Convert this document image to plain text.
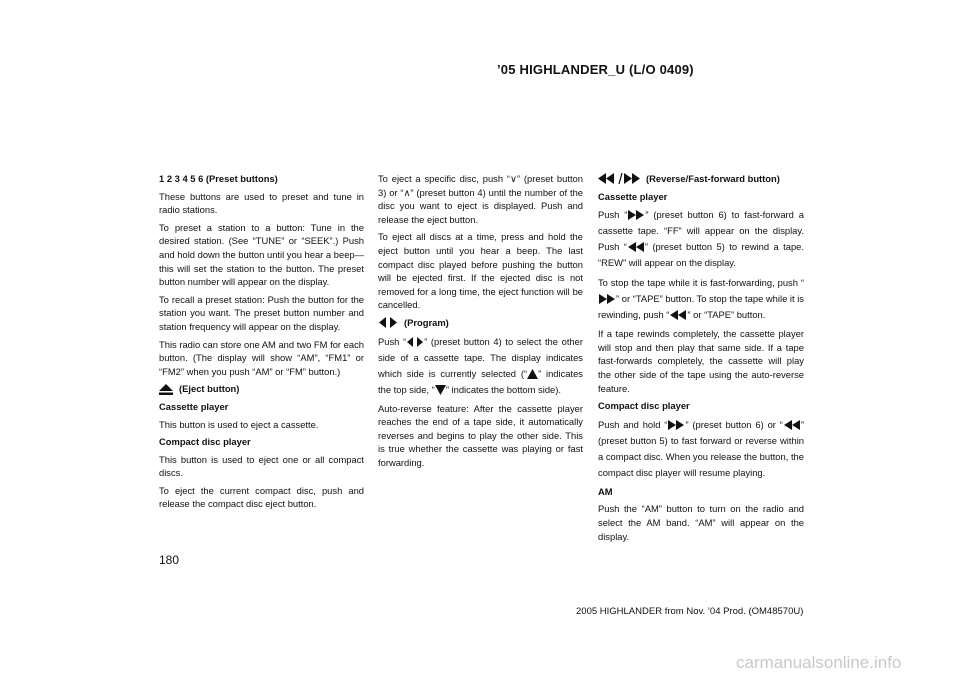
’05 HIGHLANDER_U (L/O 0409)

1 2 3 4 5 6 (Preset buttons)

These buttons are used to preset and tune in radio stations.

To preset a station to a button: Tune in the desired station. (See “TUNE” or “SEEK”.) Push and hold down the button until you hear a beep—this will set the station to the button. The preset button number will appear on the display.

To recall a preset station: Push the button for the station you want. The preset button number and station frequency will appear on the display.

This radio can store one AM and two FM for each button. (The display will show “AM”, “FM1” or “FM2” when you push “AM” or “FM” button.)

(Eject button)

Cassette player

This button is used to eject a cassette.

Compact disc player

This button is used to eject one or all compact discs.

To eject the current compact disc, push and release the compact disc eject button.

To eject a specific disc, push “∨” (preset button 3) or “∧” (preset button 4) until the number of the disc you want to eject is displayed. Push and release the eject button.

To eject all discs at a time, press and hold the eject button until you hear a beep. The last compact disc played before pushing the button will be ejected first. If the ejected disc is not removed for a long time, the eject function will be cancelled.

(Program)

Push “ ” (preset button 4) to select the other side of a cassette tape. The display indicates which side is currently selected (“ ” indicates the top side, “ ” indicates the bottom side).

Auto-reverse feature: After the cassette player reaches the end of a tape side, it automatically reverses and begins to play the other side. This is true whether the cassette was playing or fast forwarding.

(Reverse/Fast-forward button)

Cassette player

Push “ ” (preset button 6) to fast-forward a cassette tape. “FF” will appear on the display. Push “ ” (preset button 5) to rewind a tape. “REW” will appear on the display.

To stop the tape while it is fast-forwarding, push “” or “TAPE” button. To stop the tape while it is rewinding, push “ ” or “TAPE” button.

If a tape rewinds completely, the cassette player will stop and then play that same side. If a tape fast-forwards completely, the cassette will play the other side of the tape using the auto-reverse feature.

Compact disc player

Push and hold “ ” (preset button 6) or “ ” (preset button 5) to fast forward or reverse within a compact disc. When you release the button, the compact disc player will resume playing.

AM

Push the “AM” button to turn on the radio and select the AM band. “AM” will appear on the display.

180
2005 HIGHLANDER from Nov. ’04 Prod. (OM48570U)
carmanualsonline.info
